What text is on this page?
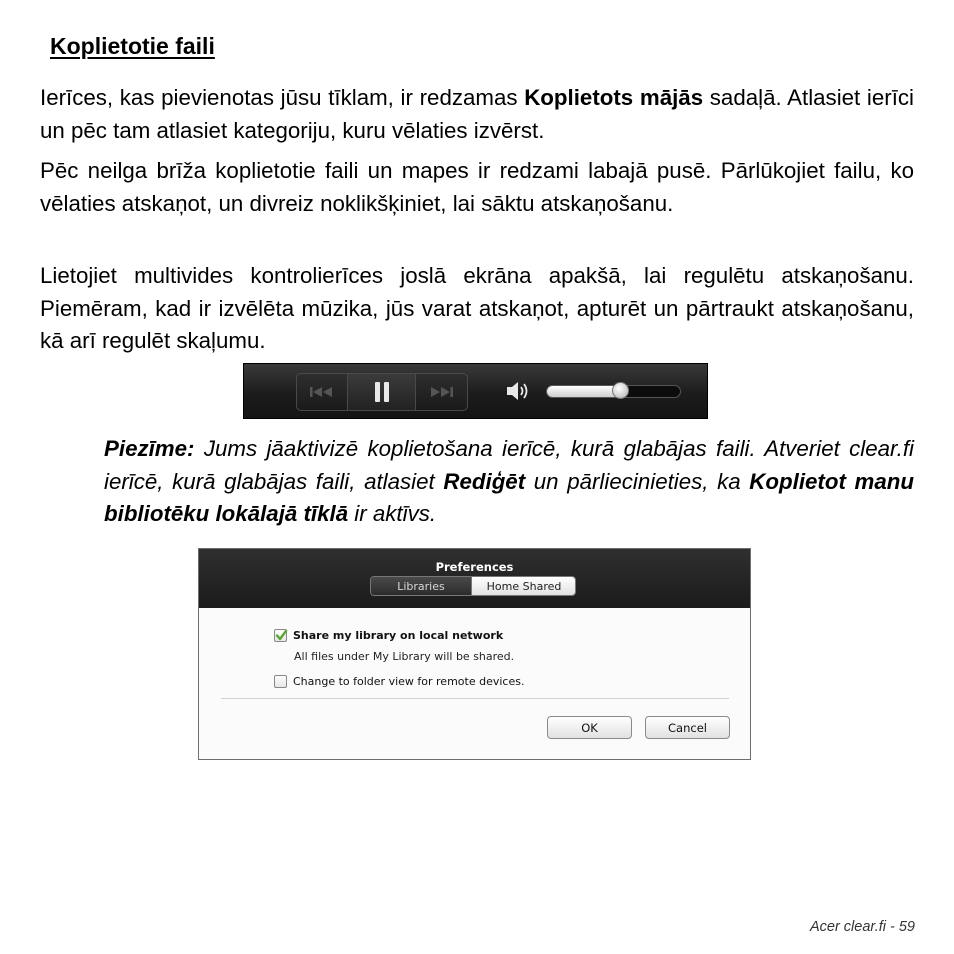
Koplietotie faili

Ierīces, kas pievienotas jūsu tīklam, ir redzamas Koplietots mājās sadaļā. Atlasiet ierīci un pēc tam atlasiet kategoriju, kuru vēlaties izvērst.

Pēc neilga brīža koplietotie faili un mapes ir redzami labajā pusē. Pārlūkojiet failu, ko vēlaties atskaņot, un divreiz noklikšķiniet, lai sāktu atskaņošanu.

Lietojiet multivides kontrolierīces joslā ekrāna apakšā, lai regulētu atskaņošanu. Piemēram, kad ir izvēlēta mūzika, jūs varat atskaņot, apturēt un pārtraukt atskaņošanu, kā arī regulēt skaļumu.

Piezīme: Jums jāaktivizē koplietošana ierīcē, kurā glabājas faili. Atveriet clear.fi ierīcē, kurā glabājas faili, atlasiet Rediģēt un pārliecinieties, ka Koplietot manu bibliotēku lokālajā tīklā ir aktīvs.

Preferences
Libraries	Home Shared
Share my library on local network
All files under My Library will be shared.
Change to folder view for remote devices.
OK	Cancel
Acer clear.fi - 59
